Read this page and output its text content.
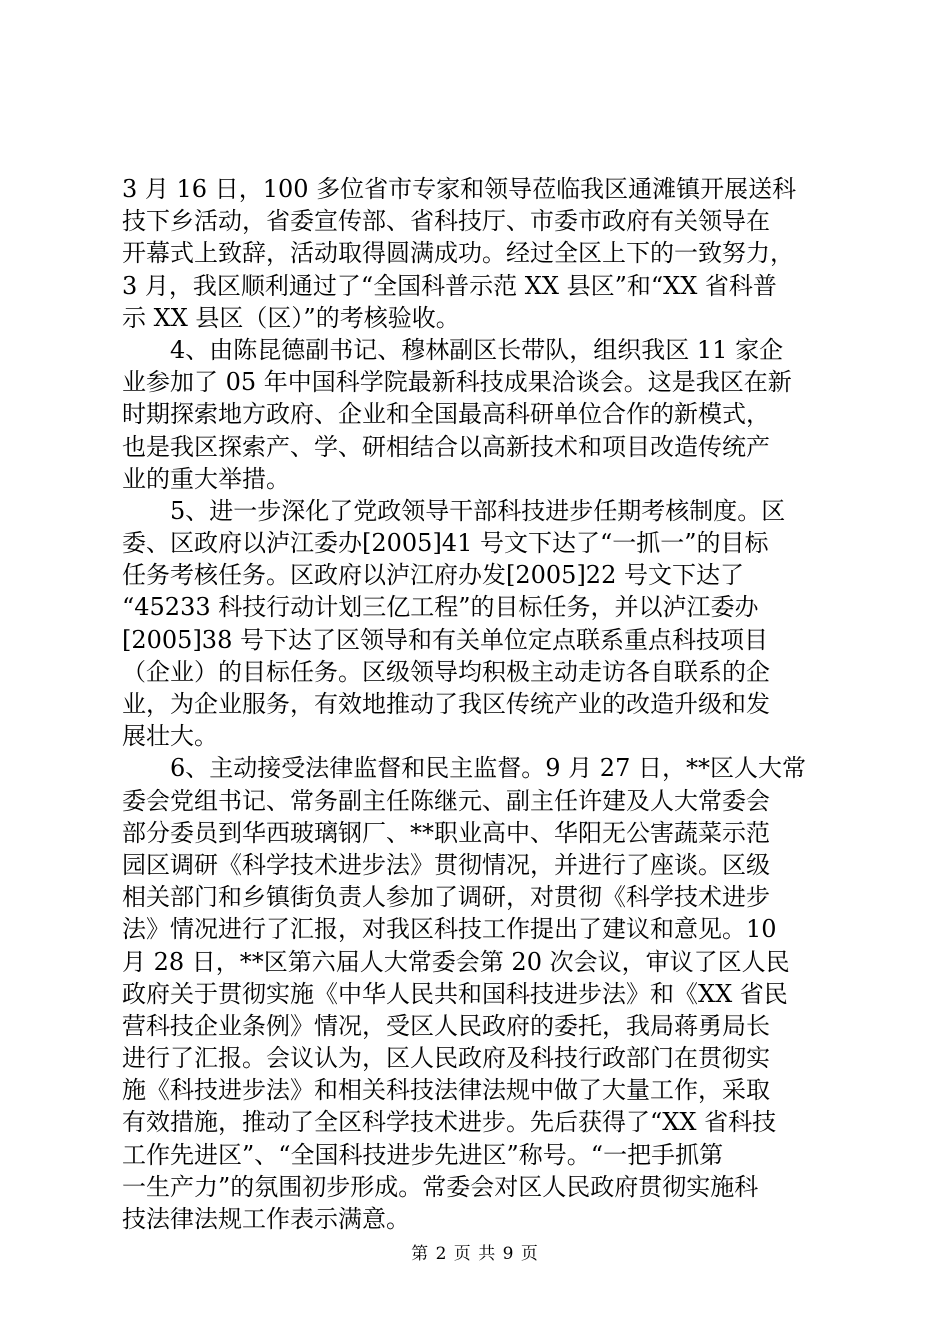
3 月 16 日，100 多位省市专家和领导莅临我区通滩镇开展送科
技下乡活动，省委宣传部、省科技厅、市委市政府有关领导在
开幕式上致辞，活动取得圆满成功。经过全区上下的一致努力，
3 月，我区顺利通过了“全国科普示范 XX 县区”和“XX 省科普
示 XX 县区（区）”的考核验收。
　　4、由陈昆德副书记、穆林副区长带队，组织我区 11 家企
业参加了 05 年中国科学院最新科技成果洽谈会。这是我区在新
时期探索地方政府、企业和全国最高科研单位合作的新模式，
也是我区探索产、学、研相结合以高新技术和项目改造传统产
业的重大举措。
　　5、进一步深化了党政领导干部科技进步任期考核制度。区
委、区政府以泸江委办[2005]41 号文下达了“一抓一”的目标
任务考核任务。区政府以泸江府办发[2005]22 号文下达了
“45233 科技行动计划三亿工程”的目标任务，并以泸江委办
[2005]38 号下达了区领导和有关单位定点联系重点科技项目
（企业）的目标任务。区级领导均积极主动走访各自联系的企
业，为企业服务，有效地推动了我区传统产业的改造升级和发
展壮大。
　　6、主动接受法律监督和民主监督。9 月 27 日，**区人大常
委会党组书记、常务副主任陈继元、副主任许建及人大常委会
部分委员到华西玻璃钢厂、**职业高中、华阳无公害蔬菜示范
园区调研《科学技术进步法》贯彻情况，并进行了座谈。区级
相关部门和乡镇街负责人参加了调研，对贯彻《科学技术进步
法》情况进行了汇报，对我区科技工作提出了建议和意见。10
月 28 日，**区第六届人大常委会第 20 次会议，审议了区人民
政府关于贯彻实施《中华人民共和国科技进步法》和《XX 省民
营科技企业条例》情况，受区人民政府的委托，我局蒋勇局长
进行了汇报。会议认为，区人民政府及科技行政部门在贯彻实
施《科技进步法》和相关科技法律法规中做了大量工作，采取
有效措施，推动了全区科学技术进步。先后获得了“XX 省科技
工作先进区”、“全国科技进步先进区”称号。“一把手抓第
一生产力”的氛围初步形成。常委会对区人民政府贯彻实施科
技法律法规工作表示满意。
第 2 页 共 9 页
